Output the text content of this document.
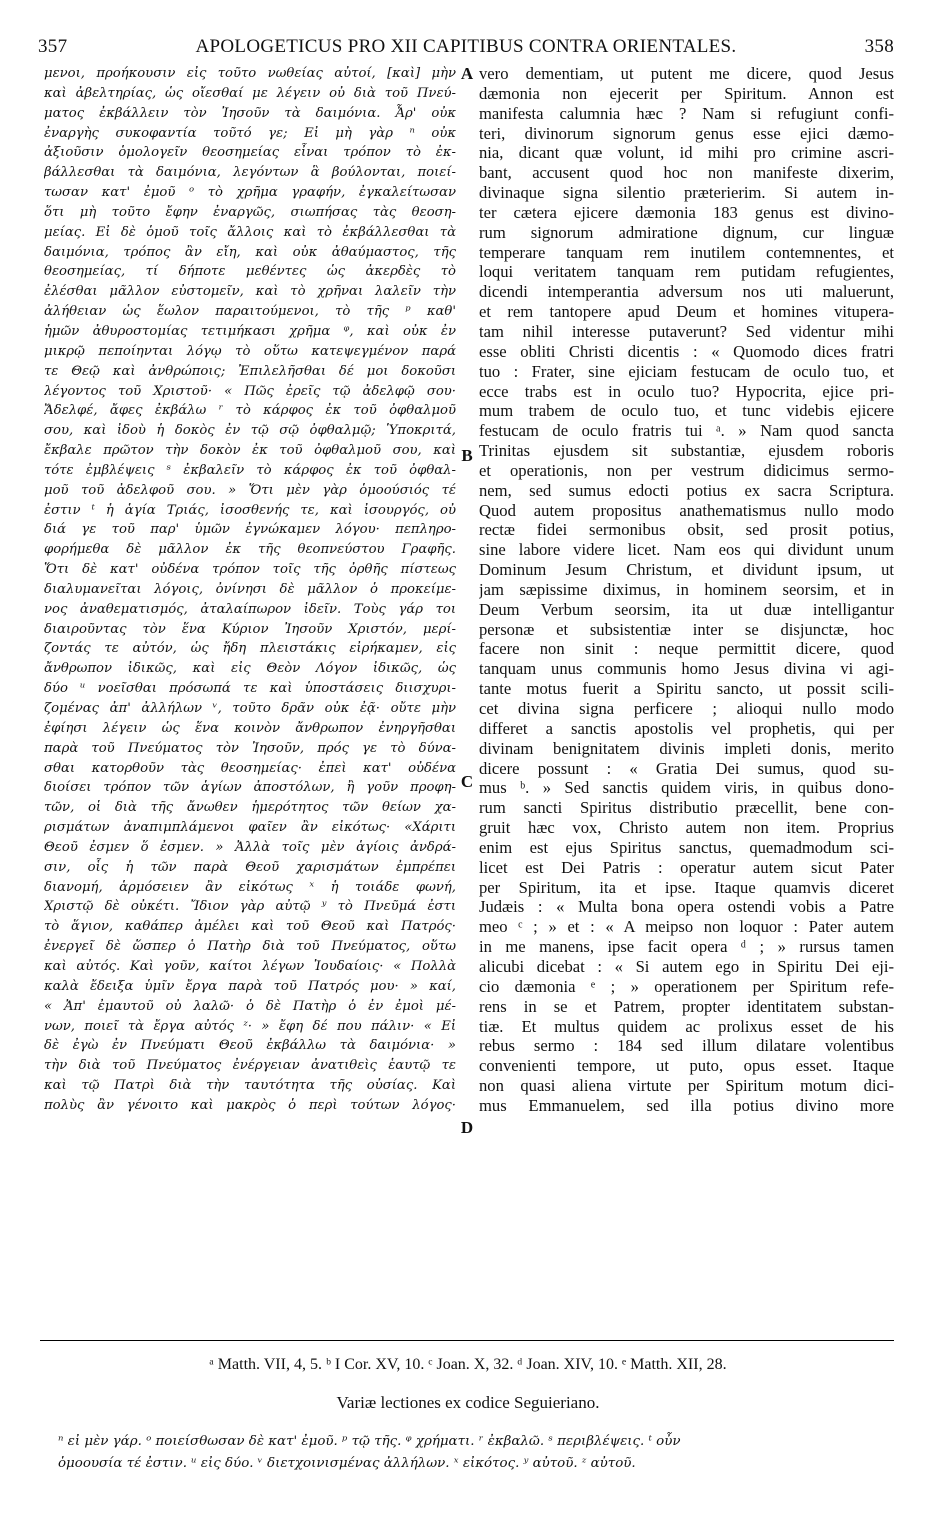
APOLOGETICUS PRO XII CAPITIBUS CONTRA ORIENTALES.
357	358
μενοι, προήκουσιν εἰς τοῦτο νωθείας αὐτοί, [καὶ] μὴν
καὶ ἀβελτηρίας, ὡς οἴεσθαί με λέγειν οὐ διὰ τοῦ Πνεύ-
ματος ἐκβάλλειν τὸν Ἰησοῦν τὰ δαιμόνια. Ἆρ' οὐκ
ἐναργὴς συκοφαντία τοῦτό γε; Εἰ μὴ γὰρ ⁿ οὐκ
ἀξιοῦσιν ὁμολογεῖν θεοσημείας εἶναι τρόπον τὸ ἐκ-
βάλλεσθαι τὰ δαιμόνια, λεγόντων ἃ βούλονται, ποιεί-
τωσαν κατ' ἐμοῦ ᵒ τὸ χρῆμα γραφήν, ἐγκαλείτωσαν
ὅτι μὴ τοῦτο ἔφην ἐναργῶς, σιωπήσας τὰς θεοση-
μείας. Εἰ δὲ ὁμοῦ τοῖς ἄλλοις καὶ τὸ ἐκβάλλεσθαι τὰ
δαιμόνια, τρόπος ἂν εἴη, καὶ οὐκ ἀθαύμαστος, τῆς
θεοσημείας, τί δήποτε μεθέντες ὡς ἀκερδὲς τὸ
ἐλέσθαι μᾶλλον εὐστομεῖν, καὶ τὸ χρῆναι λαλεῖν τὴν
ἀλήθειαν ὡς ἕωλον παραιτούμενοι, τὸ τῆς ᵖ καθ'
ἡμῶν ἀθυροστομίας τετιμήκασι χρῆμα ᵠ, καὶ οὐκ ἐν
μικρῷ πεποίηνται λόγῳ τὸ οὕτω κατεψεγμένον παρά
τε Θεῷ καὶ ἀνθρώποις; Ἐπιλελῆσθαι δέ μοι δοκοῦσι
λέγοντος τοῦ Χριστοῦ· « Πῶς ἐρεῖς τῷ ἀδελφῷ σου·
Ἄδελφέ, ἄφες ἐκβάλω ʳ τὸ κάρφος ἐκ τοῦ ὀφθαλμοῦ
σου, καὶ ἰδοὺ ἡ δοκὸς ἐν τῷ σῷ ὀφθαλμῷ; Ὑποκριτά,
ἔκβαλε πρῶτον τὴν δοκὸν ἐκ τοῦ ὀφθαλμοῦ σου, καὶ
τότε ἐμβλέψεις ˢ ἐκβαλεῖν τὸ κάρφος ἐκ τοῦ ὀφθαλ-
μοῦ τοῦ ἀδελφοῦ σου. » Ὅτι μὲν γὰρ ὁμοούσιός τέ
ἐστιν ᵗ ἡ ἁγία Τριάς, ἰσοσθενής τε, καὶ ἰσουργός, οὐ
διά γε τοῦ παρ' ὑμῶν ἐγνώκαμεν λόγου· πεπληρο-
φορήμεθα δὲ μᾶλλον ἐκ τῆς θεοπνεύστου Γραφῆς.
Ὅτι δὲ κατ' οὐδένα τρόπον τοῖς τῆς ὀρθῆς πίστεως
διαλυμανεῖται λόγοις, ὀνίνησι δὲ μᾶλλον ὁ προκείμε-
νος ἀναθεματισμός, ἀταλαίπωρον ἰδεῖν. Τοὺς γάρ τοι
διαιροῦντας τὸν ἕνα Κύριον Ἰησοῦν Χριστόν, μερί-
ζοντάς τε αὐτόν, ὡς ἤδη πλειστάκις εἰρήκαμεν, εἰς
ἄνθρωπον ἰδικῶς, καὶ εἰς Θεὸν Λόγον ἰδικῶς, ὡς
δύο ᵘ νοεῖσθαι πρόσωπά τε καὶ ὑποστάσεις διισχυρι-
ζομένας ἀπ' ἀλλήλων ᵛ, τοῦτο δρᾶν οὐκ ἐᾷ· οὔτε μὴν
ἐφίησι λέγειν ὡς ἕνα κοινὸν ἄνθρωπον ἐνηργῆσθαι
παρὰ τοῦ Πνεύματος τὸν Ἰησοῦν, πρός γε τὸ δύνα-
σθαι κατορθοῦν τὰς θεοσημείας· ἐπεὶ κατ' οὐδένα
διοίσει τρόπον τῶν ἁγίων ἀποστόλων, ἢ γοῦν προφη-
τῶν, οἱ διὰ τῆς ἄνωθεν ἡμερότητος τῶν θείων χα-
ρισμάτων ἀναπιμπλάμενοι φαῖεν ἂν εἰκότως· «Χάριτι
Θεοῦ ἐσμεν ὅ ἐσμεν. » Ἀλλὰ τοῖς μὲν ἁγίοις ἀνδρά-
σιν, οἷς ἡ τῶν παρὰ Θεοῦ χαρισμάτων ἐμπρέπει
διανομή, ἁρμόσειεν ἂν εἰκότως ˣ ἡ τοιάδε φωνή,
Χριστῷ δὲ οὐκέτι. Ἴδιον γὰρ αὐτῷ ʸ τὸ Πνεῦμά ἐστι
τὸ ἅγιον, καθάπερ ἀμέλει καὶ τοῦ Θεοῦ καὶ Πατρός·
ἐνεργεῖ δὲ ὥσπερ ὁ Πατὴρ διὰ τοῦ Πνεύματος, οὕτω
καὶ αὐτός. Καὶ γοῦν, καίτοι λέγων Ἰουδαίοις· « Πολλὰ
καλὰ ἔδειξα ὑμῖν ἔργα παρὰ τοῦ Πατρός μου· » καί,
« Ἀπ' ἐμαυτοῦ οὐ λαλῶ· ὁ δὲ Πατὴρ ὁ ἐν ἐμοὶ μέ-
νων, ποιεῖ τὰ ἔργα αὐτός ᶻ· » ἔφη δέ που πάλιν· « Εἰ
δὲ ἐγὼ ἐν Πνεύματι Θεοῦ ἐκβάλλω τὰ δαιμόνια· »
τὴν διὰ τοῦ Πνεύματος ἐνέργειαν ἀνατιθεὶς ἑαυτῷ τε
καὶ τῷ Πατρὶ διὰ τὴν ταυτότητα τῆς οὐσίας. Καὶ
πολὺς ἂν γένοιτο καὶ μακρὸς ὁ περὶ τούτων λόγος·
A
B
C
D
vero dementiam, ut putent me dicere, quod Jesus
dæmonia non ejecerit per Spiritum. Annon est
manifesta calumnia hæc ? Nam si refugiunt confi-
teri, divinorum signorum genus esse ejici dæmo-
nia, dicant quæ volunt, id mihi pro crimine ascri-
bant, accusent quod hoc non manifeste dixerim,
divinaque signa silentio præterierim. Si autem in-
ter cætera ejicere dæmonia 183 genus est divino-
rum signorum admiratione dignum, cur linguæ
temperare tanquam rem inutilem contemnentes, et
loqui veritatem tanquam rem putidam refugientes,
dicendi intemperantia adversum nos uti maluerunt,
et rem tantopere apud Deum et homines vitupera-
tam nihil interesse putaverunt? Sed videntur mihi
esse obliti Christi dicentis : « Quomodo dices fratri
tuo : Frater, sine ejiciam festucam de oculo tuo, et
ecce trabs est in oculo tuo? Hypocrita, ejice pri-
mum trabem de oculo tuo, et tunc videbis ejicere
festucam de oculo fratris tui ᵃ. » Nam quod sancta
Trinitas ejusdem sit substantiæ, ejusdem roboris
et operationis, non per vestrum didicimus sermo-
nem, sed sumus edocti potius ex sacra Scriptura.
Quod autem propositus anathematismus nullo modo
rectæ fidei sermonibus obsit, sed prosit potius,
sine labore videre licet. Nam eos qui dividunt unum
Dominum Jesum Christum, et dividunt ipsum, ut
jam sæpissime diximus, in hominem seorsim, et in
Deum Verbum seorsim, ita ut duæ intelligantur
personæ et subsistentiæ inter se disjunctæ, hoc
facere non sinit : neque permittit dicere, quod
tanquam unus communis homo Jesus divina vi agi-
tante motus fuerit a Spiritu sancto, ut possit scili-
cet divina signa perficere ; alioqui nullo modo
differet a sanctis apostolis vel prophetis, qui per
divinam benignitatem divinis impleti donis, merito
dicere possunt : « Gratia Dei sumus, quod su-
mus ᵇ. » Sed sanctis quidem viris, in quibus dono-
rum sancti Spiritus distributio præcellit, bene con-
gruit hæc vox, Christo autem non item. Proprius
enim est ejus Spiritus sanctus, quemadmodum sci-
licet est Dei Patris : operatur autem sicut Pater
per Spiritum, ita et ipse. Itaque quamvis diceret
Judæis : « Multa bona opera ostendi vobis a Patre
meo ᶜ ; » et : « A meipso non loquor : Pater autem
in me manens, ipse facit opera ᵈ ; » rursus tamen
alicubi dicebat : « Si autem ego in Spiritu Dei eji-
cio dæmonia ᵉ ; » operationem per Spiritum refe-
rens in se et Patrem, propter identitatem substan-
tiæ. Et multus quidem ac prolixus esset de his
rebus sermo : 184 sed illum dilatare volentibus
convenienti tempore, ut puto, opus esset. Itaque
non quasi aliena virtute per Spiritum motum dici-
mus Emmanuelem, sed illa potius divino more
ᵃ Matth. VII, 4, 5. ᵇ I Cor. XV, 10. ᶜ Joan. X, 32. ᵈ Joan. XIV, 10. ᵉ Matth. XII, 28.
Variæ lectiones ex codice Seguieriano.
ⁿ εἰ μὲν γάρ. ᵒ ποιείσθωσαν δὲ κατ' ἐμοῦ. ᵖ τῷ τῆς. ᵠ χρήματι. ʳ ἐκβαλῶ. ˢ περιβλέψεις. ᵗ οὖν
ὁμοουσία τέ ἐστιν. ᵘ εἰς δύο. ᵛ διετχοινισμένας ἀλλήλων. ˣ εἰκότος. ʸ αὐτοῦ. ᶻ αὐτοῦ.
